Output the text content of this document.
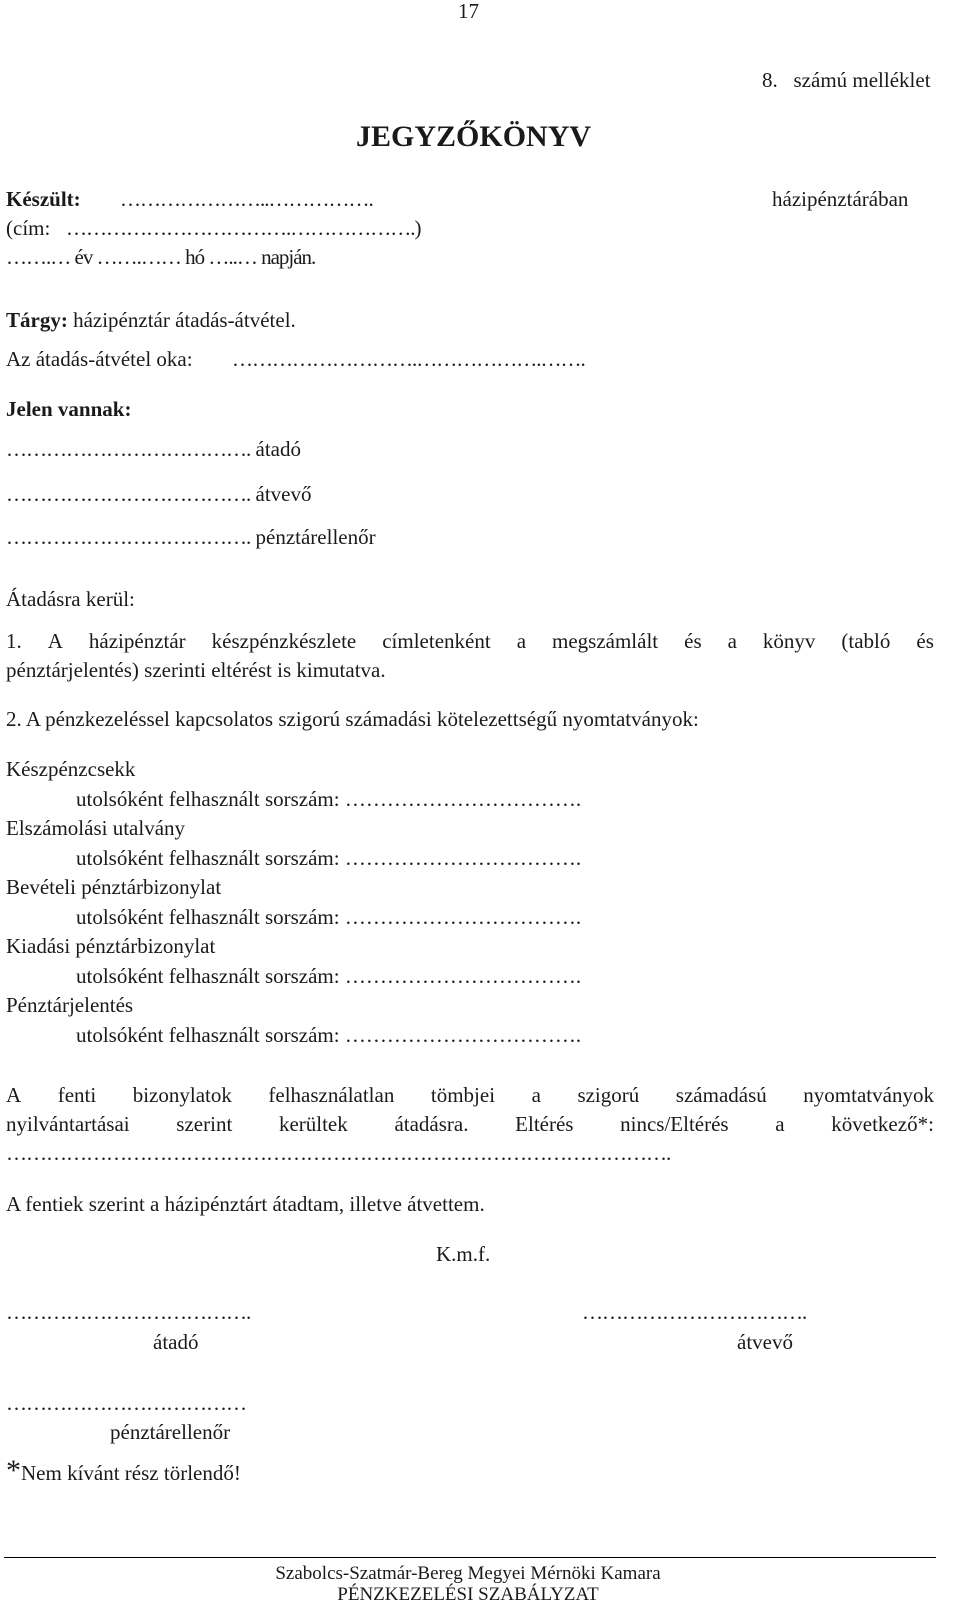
17
8.   számú melléklet
JEGYZŐKÖNYV
Készült: …………………..…………….	házipénztárában
(cím: …………………………….……………….)
…….… év …….…… hó …..… napján.
Tárgy: házipénztár átadás-átvétel.
Az átadás-átvétel oka: ……………………….……………….…….
Jelen vannak:
………………………………. átadó
………………………………. átvevő
………………………………. pénztárellenőr
Átadásra kerül:
1. A házipénztár készpénzkészlete címletenként a megszámlált és a könyv (tabló és
pénztárjelentés) szerinti eltérést is kimutatva.
2. A pénzkezeléssel kapcsolatos szigorú számadási kötelezettségű nyomtatványok:
Készpénzcsekk
utolsóként felhasznált sorszám: …………………………….
Elszámolási utalvány
utolsóként felhasznált sorszám: …………………………….
Bevételi pénztárbizonylat
utolsóként felhasznált sorszám: …………………………….
Kiadási pénztárbizonylat
utolsóként felhasznált sorszám: …………………………….
Pénztárjelentés
utolsóként felhasznált sorszám: …………………………….
A fenti bizonylatok felhasználatlan tömbjei a szigorú számadású nyomtatványok
nyilvántartásai szerint kerültek átadásra. Eltérés nincs/Eltérés a következő*:
……………………………………………………………………………………….
A fentiek szerint a házipénztárt átadtam, illetve átvettem.
K.m.f.
……………………………….
átadó
…………………………….
átvevő
………………………………
pénztárellenőr
*Nem kívánt rész törlendő!
Szabolcs-Szatmár-Bereg Megyei Mérnöki Kamara
PÉNZKEZELÉSI SZABÁLYZAT
